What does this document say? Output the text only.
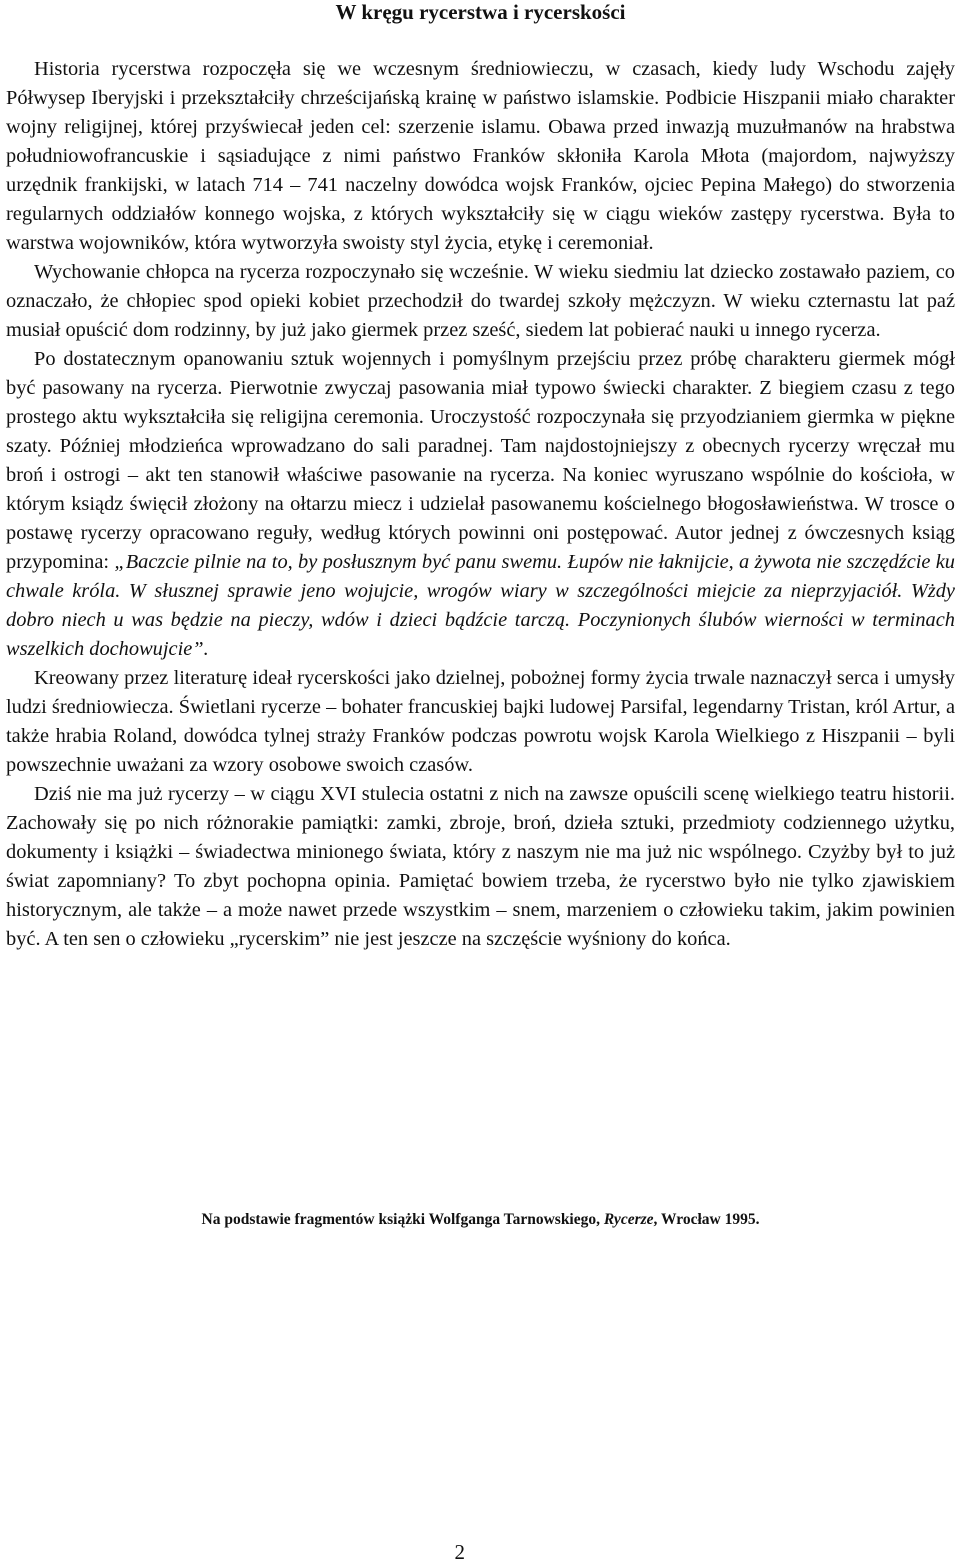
W kręgu rycerstwa i rycerskości

Historia rycerstwa rozpoczęła się we wczesnym średniowieczu, w czasach, kiedy ludy Wschodu zajęły Półwysep Iberyjski i przekształciły chrześcijańską krainę w państwo islamskie. Podbicie Hiszpanii miało charakter wojny religijnej, której przyświecał jeden cel: szerzenie islamu. Obawa przed inwazją muzułmanów na hrabstwa południowofrancuskie i sąsiadujące z nimi państwo Franków skłoniła Karola Młota (majordom, najwyższy urzędnik frankijski, w latach 714 – 741 naczelny dowódca wojsk Franków, ojciec Pepina Małego) do stworzenia regularnych oddziałów konnego wojska, z których wykształciły się w ciągu wieków zastępy rycerstwa. Była to warstwa wojowników, która wytworzyła swoisty styl życia, etykę i ceremoniał.

Wychowanie chłopca na rycerza rozpoczynało się wcześnie. W wieku siedmiu lat dziecko zostawało paziem, co oznaczało, że chłopiec spod opieki kobiet przechodził do twardej szkoły mężczyzn. W wieku czternastu lat paź musiał opuścić dom rodzinny, by już jako giermek przez sześć, siedem lat pobierać nauki u innego rycerza.

Po dostatecznym opanowaniu sztuk wojennych i pomyślnym przejściu przez próbę charakteru giermek mógł być pasowany na rycerza. Pierwotnie zwyczaj pasowania miał typowo świecki charakter. Z biegiem czasu z tego prostego aktu wykształciła się religijna ceremonia. Uroczystość rozpoczynała się przyodzianiem giermka w piękne szaty. Później młodzieńca wprowadzano do sali paradnej. Tam najdostojniejszy z obecnych rycerzy wręczał mu broń i ostrogi – akt ten stanowił właściwe pasowanie na rycerza. Na koniec wyruszano wspólnie do kościoła, w którym ksiądz święcił złożony na ołtarzu miecz i udzielał pasowanemu kościelnego błogosławieństwa. W trosce o postawę rycerzy opracowano reguły, według których powinni oni postępować. Autor jednej z ówczesnych ksiąg przypomina: „Baczcie pilnie na to, by posłusznym być panu swemu. Łupów nie łaknijcie, a żywota nie szczędźcie ku chwale króla. W słusznej sprawie jeno wojujcie, wrogów wiary w szczególności miejcie za nieprzyjaciół. Wżdy dobro niech u was będzie na pieczy, wdów i dzieci bądźcie tarczą. Poczynionych ślubów wierności w terminach wszelkich dochowujcie”.

Kreowany przez literaturę ideał rycerskości jako dzielnej, pobożnej formy życia trwale naznaczył serca i umysły ludzi średniowiecza. Świetlani rycerze – bohater francuskiej bajki ludowej Parsifal, legendarny Tristan, król Artur, a także hrabia Roland, dowódca tylnej straży Franków podczas powrotu wojsk Karola Wielkiego z Hiszpanii – byli powszechnie uważani za wzory osobowe swoich czasów.

Dziś nie ma już rycerzy – w ciągu XVI stulecia ostatni z nich na zawsze opuścili scenę wielkiego teatru historii. Zachowały się po nich różnorakie pamiątki: zamki, zbroje, broń, dzieła sztuki, przedmioty codziennego użytku, dokumenty i książki – świadectwa minionego świata, który z naszym nie ma już nic wspólnego. Czyżby był to już świat zapomniany? To zbyt pochopna opinia. Pamiętać bowiem trzeba, że rycerstwo było nie tylko zjawiskiem historycznym, ale także – a może nawet przede wszystkim – snem, marzeniem o człowieku takim, jakim powinien być. A ten sen o człowieku „rycerskim” nie jest jeszcze na szczęście wyśniony do końca.

Na podstawie fragmentów książki Wolfganga Tarnowskiego, Rycerze, Wrocław 1995.
2
